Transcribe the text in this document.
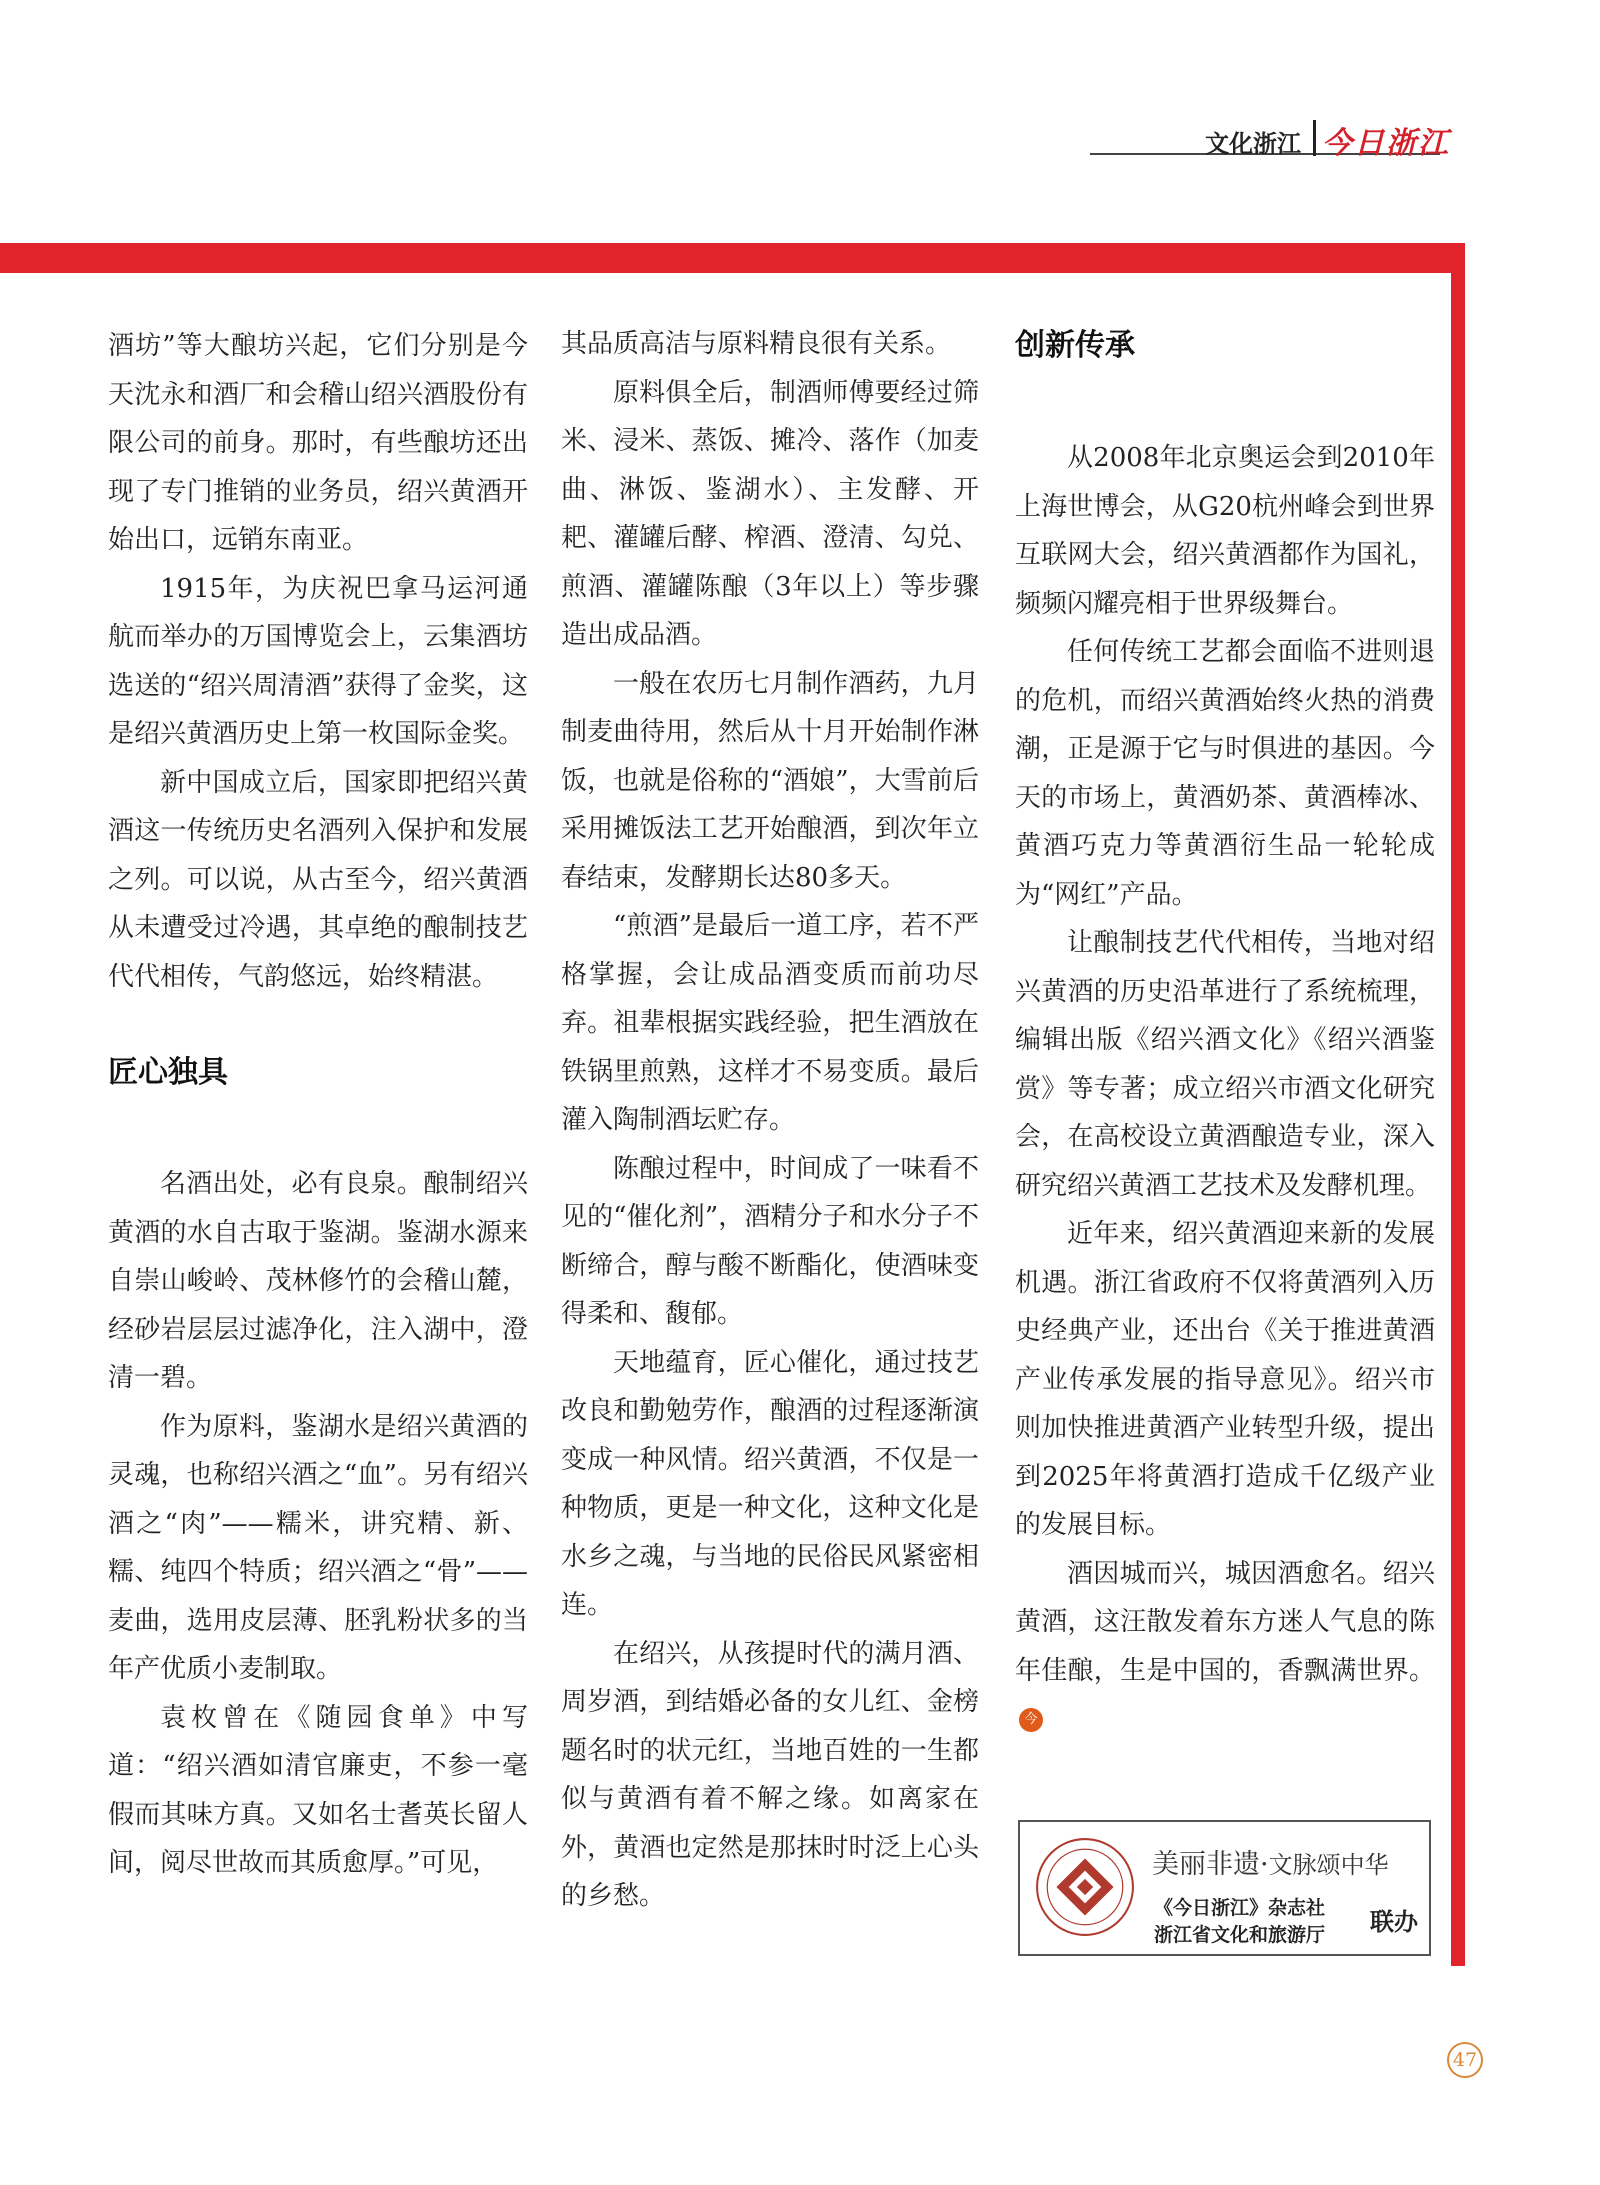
文化浙江 今日浙江

酒坊”等大酿坊兴起，它们分别是今天沈永和酒厂和会稽山绍兴酒股份有限公司的前身。那时，有些酿坊还出现了专门推销的业务员，绍兴黄酒开始出口，远销东南亚。

1915年，为庆祝巴拿马运河通航而举办的万国博览会上，云集酒坊选送的“绍兴周清酒”获得了金奖，这是绍兴黄酒历史上第一枚国际金奖。

新中国成立后，国家即把绍兴黄酒这一传统历史名酒列入保护和发展之列。可以说，从古至今，绍兴黄酒从未遭受过冷遇，其卓绝的酿制技艺代代相传，气韵悠远，始终精湛。

匠心独具

名酒出处，必有良泉。酿制绍兴黄酒的水自古取于鉴湖。鉴湖水源来自崇山峻岭、茂林修竹的会稽山麓，经砂岩层层过滤净化，注入湖中，澄清一碧。

作为原料，鉴湖水是绍兴黄酒的灵魂，也称绍兴酒之“血”。另有绍兴酒之“肉”——糯米，讲究精、新、糯、纯四个特质；绍兴酒之“骨”——麦曲，选用皮层薄、胚乳粉状多的当年产优质小麦制取。

袁枚曾在《随园食单》中写道：“绍兴酒如清官廉吏，不参一毫假而其味方真。又如名士耆英长留人间，阅尽世故而其质愈厚。”可见，

其品质高洁与原料精良很有关系。

原料俱全后，制酒师傅要经过筛米、浸米、蒸饭、摊冷、落作（加麦曲、淋饭、鉴湖水）、主发酵、开耙、灌罐后酵、榨酒、澄清、勾兑、煎酒、灌罐陈酿（3年以上）等步骤造出成品酒。

一般在农历七月制作酒药，九月制麦曲待用，然后从十月开始制作淋饭，也就是俗称的“酒娘”，大雪前后采用摊饭法工艺开始酿酒，到次年立春结束，发酵期长达80多天。

“煎酒”是最后一道工序，若不严格掌握，会让成品酒变质而前功尽弃。祖辈根据实践经验，把生酒放在铁锅里煎熟，这样才不易变质。最后灌入陶制酒坛贮存。

陈酿过程中，时间成了一味看不见的“催化剂”，酒精分子和水分子不断缔合，醇与酸不断酯化，使酒味变得柔和、馥郁。

天地蕴育，匠心催化，通过技艺改良和勤勉劳作，酿酒的过程逐渐演变成一种风情。绍兴黄酒，不仅是一种物质，更是一种文化，这种文化是水乡之魂，与当地的民俗民风紧密相连。

在绍兴，从孩提时代的满月酒、周岁酒，到结婚必备的女儿红、金榜题名时的状元红，当地百姓的一生都似与黄酒有着不解之缘。如离家在外，黄酒也定然是那抹时时泛上心头的乡愁。

创新传承

从2008年北京奥运会到2010年上海世博会，从G20杭州峰会到世界互联网大会，绍兴黄酒都作为国礼，频频闪耀亮相于世界级舞台。

任何传统工艺都会面临不进则退的危机，而绍兴黄酒始终火热的消费潮，正是源于它与时俱进的基因。今天的市场上，黄酒奶茶、黄酒棒冰、黄酒巧克力等黄酒衍生品一轮轮成为“网红”产品。

让酿制技艺代代相传，当地对绍兴黄酒的历史沿革进行了系统梳理，编辑出版《绍兴酒文化》《绍兴酒鉴赏》等专著；成立绍兴市酒文化研究会，在高校设立黄酒酿造专业，深入研究绍兴黄酒工艺技术及发酵机理。

近年来，绍兴黄酒迎来新的发展机遇。浙江省政府不仅将黄酒列入历史经典产业，还出台《关于推进黄酒产业传承发展的指导意见》。绍兴市则加快推进黄酒产业转型升级，提出到2025年将黄酒打造成千亿级产业的发展目标。

酒因城而兴，城因酒愈名。绍兴黄酒，这汪散发着东方迷人气息的陈年佳酿，生是中国的，香飘满世界。今

美丽非遗·文脉颂中华
《今日浙江》杂志社
浙江省文化和旅游厅 联办
47
